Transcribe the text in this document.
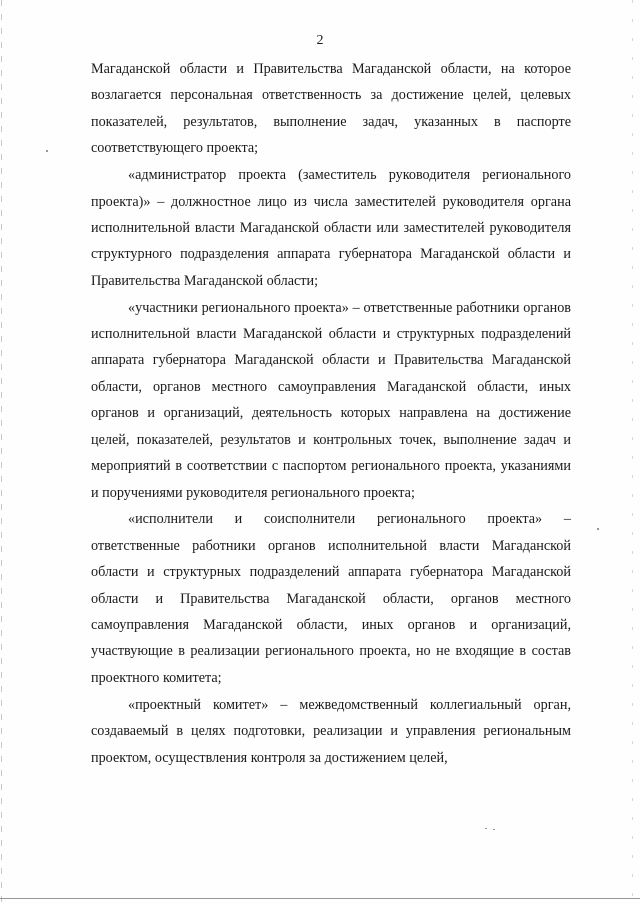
2

Магаданской области и Правительства Магаданской области, на которое возлагается персональная ответственность за достижение целей, целевых показателей, результатов, выполнение задач, указанных в паспорте соответствующего проекта;

«администратор проекта (заместитель руководителя регионального проекта)» – должностное лицо из числа заместителей руководителя органа исполнительной власти Магаданской области или заместителей руководителя структурного подразделения аппарата губернатора Магаданской области и Правительства Магаданской области;

«участники регионального проекта» – ответственные работники органов исполнительной власти Магаданской области и структурных подразделений аппарата губернатора Магаданской области и Правительства Магаданской области, органов местного самоуправления Магаданской области, иных органов и организаций, деятельность которых направлена на достижение целей, показателей, результатов и контрольных точек, выполнение задач и мероприятий в соответствии с паспортом регионального проекта, указаниями и поручениями руководителя регионального проекта;

«исполнители и соисполнители регионального проекта» – ответственные работники органов исполнительной власти Магаданской области и структурных подразделений аппарата губернатора Магаданской области и Правительства Магаданской области, органов местного самоуправления Магаданской области, иных органов и организаций, участвующие в реализации регионального проекта, но не входящие в состав проектного комитета;

«проектный комитет» – межведомственный коллегиальный орган, создаваемый в целях подготовки, реализации и управления региональным проектом, осуществления контроля за достижением целей,
